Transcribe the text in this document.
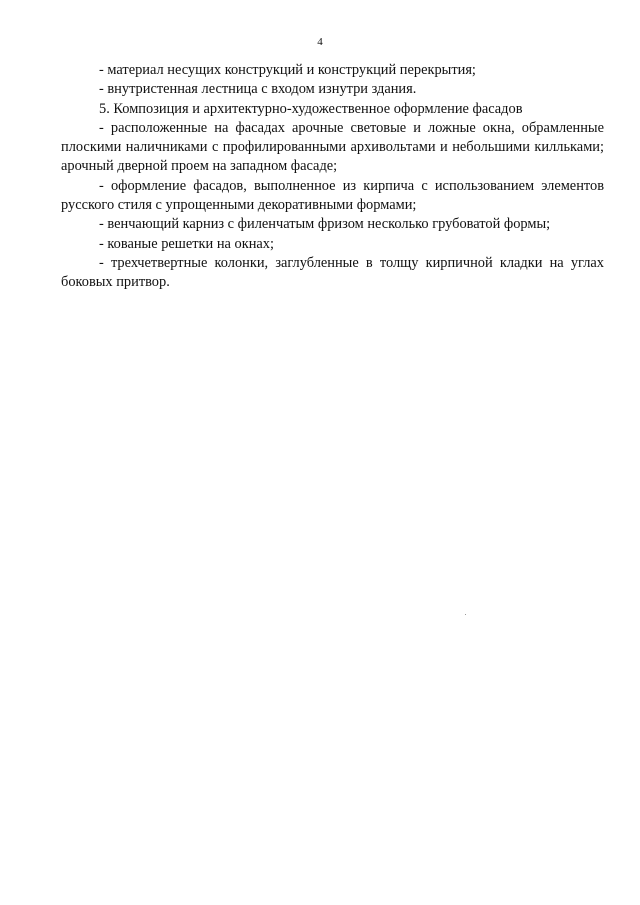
4

- материал несущих конструкций и конструкций перекрытия;

- внутристенная лестница с входом изнутри здания.

5. Композиция и архитектурно-художественное оформление фасадов

- расположенные на фасадах арочные световые и ложные окна, обрамленные плоскими наличниками с профилированными архивольтами и небольшими килльками; арочный дверной проем на западном фасаде;

- оформление фасадов, выполненное из кирпича с использованием элементов русского стиля с упрощенными декоративными формами;

- венчающий карниз с филенчатым фризом несколько грубоватой формы;

- кованые решетки на окнах;

- трехчетвертные колонки, заглубленные в толщу кирпичной кладки на углах боковых притвор.
